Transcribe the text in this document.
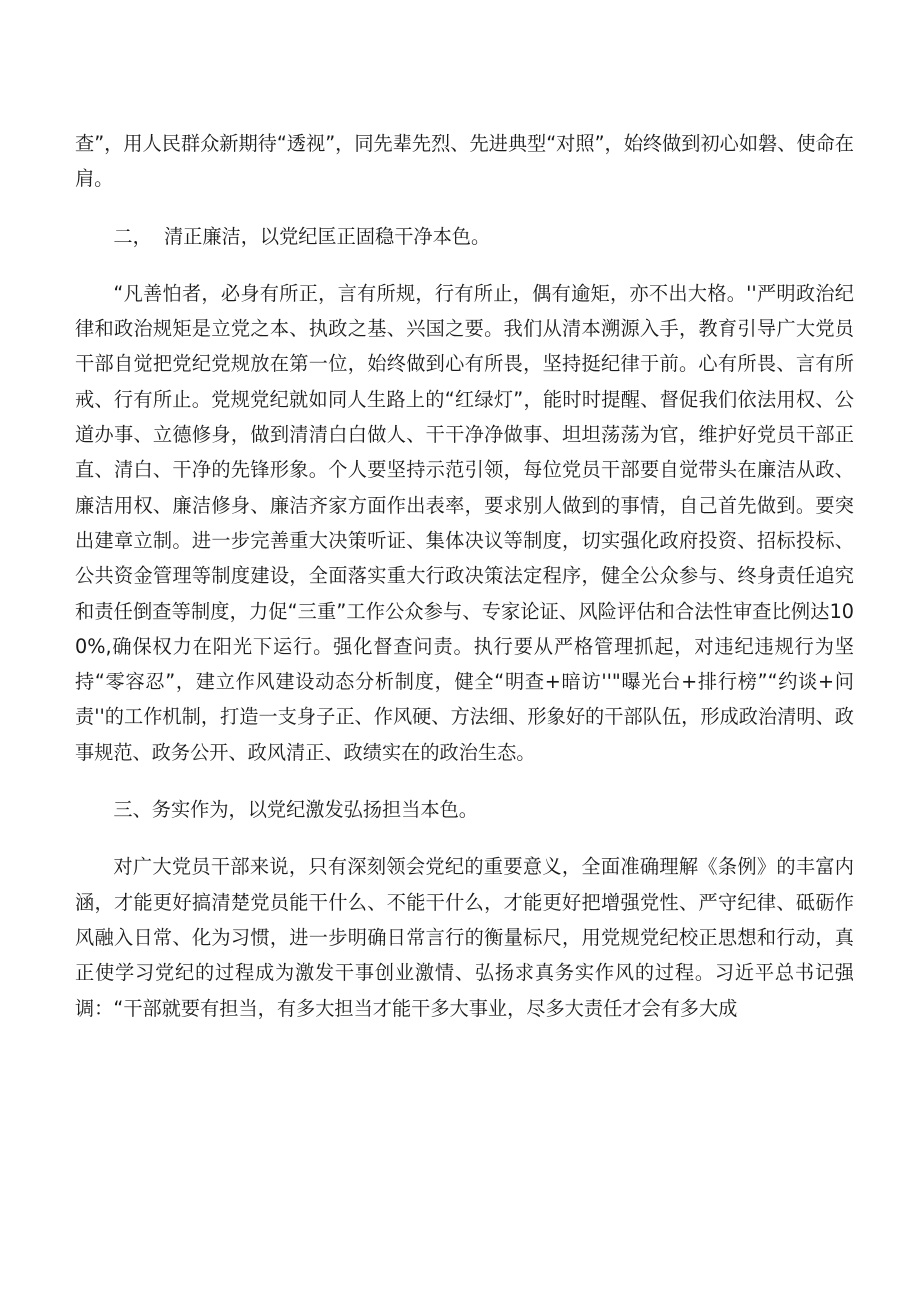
查”，用人民群众新期待“透视”，同先辈先烈、先进典型“对照”，始终做到初心如磐、使命在肩。

二，  清正廉洁，以党纪匡正固稳干净本色。

“凡善怕者，必身有所正，言有所规，行有所止，偶有逾矩，亦不出大格。''严明政治纪律和政治规矩是立党之本、执政之基、兴国之要。我们从清本溯源入手，教育引导广大党员干部自觉把党纪党规放在第一位，始终做到心有所畏，坚持挺纪律于前。心有所畏、言有所戒、行有所止。党规党纪就如同人生路上的“红绿灯”，能时时提醒、督促我们依法用权、公道办事、立德修身，做到清清白白做人、干干净净做事、坦坦荡荡为官，维护好党员干部正直、清白、干净的先锋形象。个人要坚持示范引领，每位党员干部要自觉带头在廉洁从政、廉洁用权、廉洁修身、廉洁齐家方面作出表率，要求别人做到的事情，自己首先做到。要突出建章立制。进一步完善重大决策听证、集体决议等制度，切实强化政府投资、招标投标、公共资金管理等制度建设，全面落实重大行政决策法定程序，健全公众参与、终身责任追究和责任倒查等制度，力促“三重”工作公众参与、专家论证、风险评估和合法性审查比例达100%,确保权力在阳光下运行。强化督查问责。执行要从严格管理抓起，对违纪违规行为坚持“零容忍”，建立作风建设动态分析制度，健全“明查+暗访''"曝光台+排行榜”“约谈+问责''的工作机制，打造一支身子正、作风硬、方法细、形象好的干部队伍，形成政治清明、政事规范、政务公开、政风清正、政绩实在的政治生态。

三、务实作为，以党纪激发弘扬担当本色。

对广大党员干部来说，只有深刻领会党纪的重要意义，全面准确理解《条例》的丰富内涵，才能更好搞清楚党员能干什么、不能干什么，才能更好把增强党性、严守纪律、砥砺作风融入日常、化为习惯，进一步明确日常言行的衡量标尺，用党规党纪校正思想和行动，真正使学习党纪的过程成为激发干事创业激情、弘扬求真务实作风的过程。习近平总书记强调：“干部就要有担当，有多大担当才能干多大事业，尽多大责任才会有多大成
